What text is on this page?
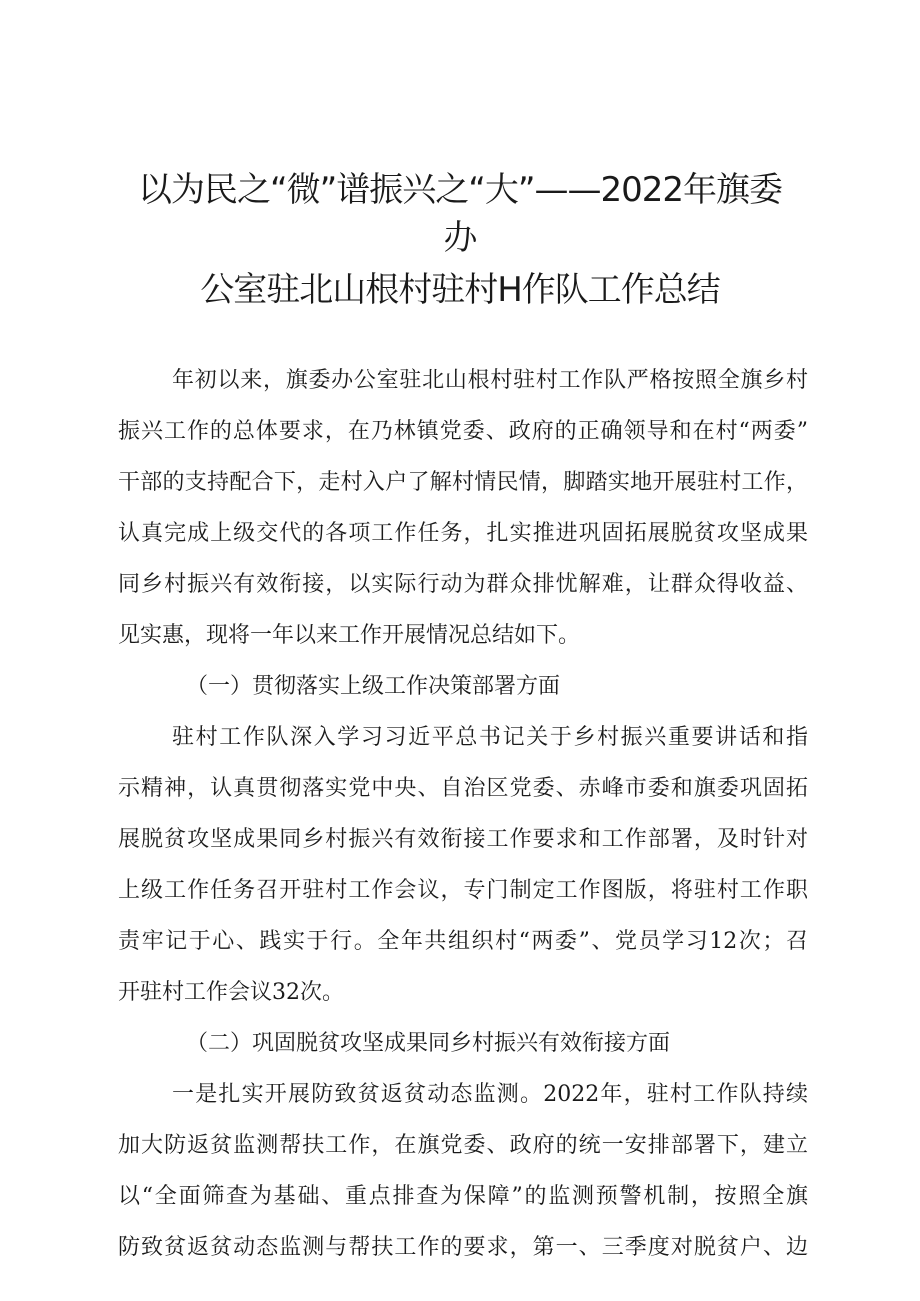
以为民之“微”谱振兴之“大”——2022年旗委
办
公室驻北山根村驻村H作队工作总结

年初以来，旗委办公室驻北山根村驻村工作队严格按照全旗乡村

振兴工作的总体要求，在乃林镇党委、政府的正确领导和在村“两委”

干部的支持配合下，走村入户了解村情民情，脚踏实地开展驻村工作，

认真完成上级交代的各项工作任务，扎实推进巩固拓展脱贫攻坚成果

同乡村振兴有效衔接，以实际行动为群众排忧解难，让群众得收益、

见实惠，现将一年以来工作开展情况总结如下。

（一）贯彻落实上级工作决策部署方面

驻村工作队深入学习习近平总书记关于乡村振兴重要讲话和指

示精神，认真贯彻落实党中央、自治区党委、赤峰市委和旗委巩固拓

展脱贫攻坚成果同乡村振兴有效衔接工作要求和工作部署，及时针对

上级工作任务召开驻村工作会议，专门制定工作图版，将驻村工作职

责牢记于心、践实于行。全年共组织村“两委”、党员学习12次；召

开驻村工作会议32次。

（二）巩固脱贫攻坚成果同乡村振兴有效衔接方面

一是扎实开展防致贫返贫动态监测。2022年，驻村工作队持续

加大防返贫监测帮扶工作，在旗党委、政府的统一安排部署下，建立

以“全面筛查为基础、重点排查为保障”的监测预警机制，按照全旗

防致贫返贫动态监测与帮扶工作的要求，第一、三季度对脱贫户、边
